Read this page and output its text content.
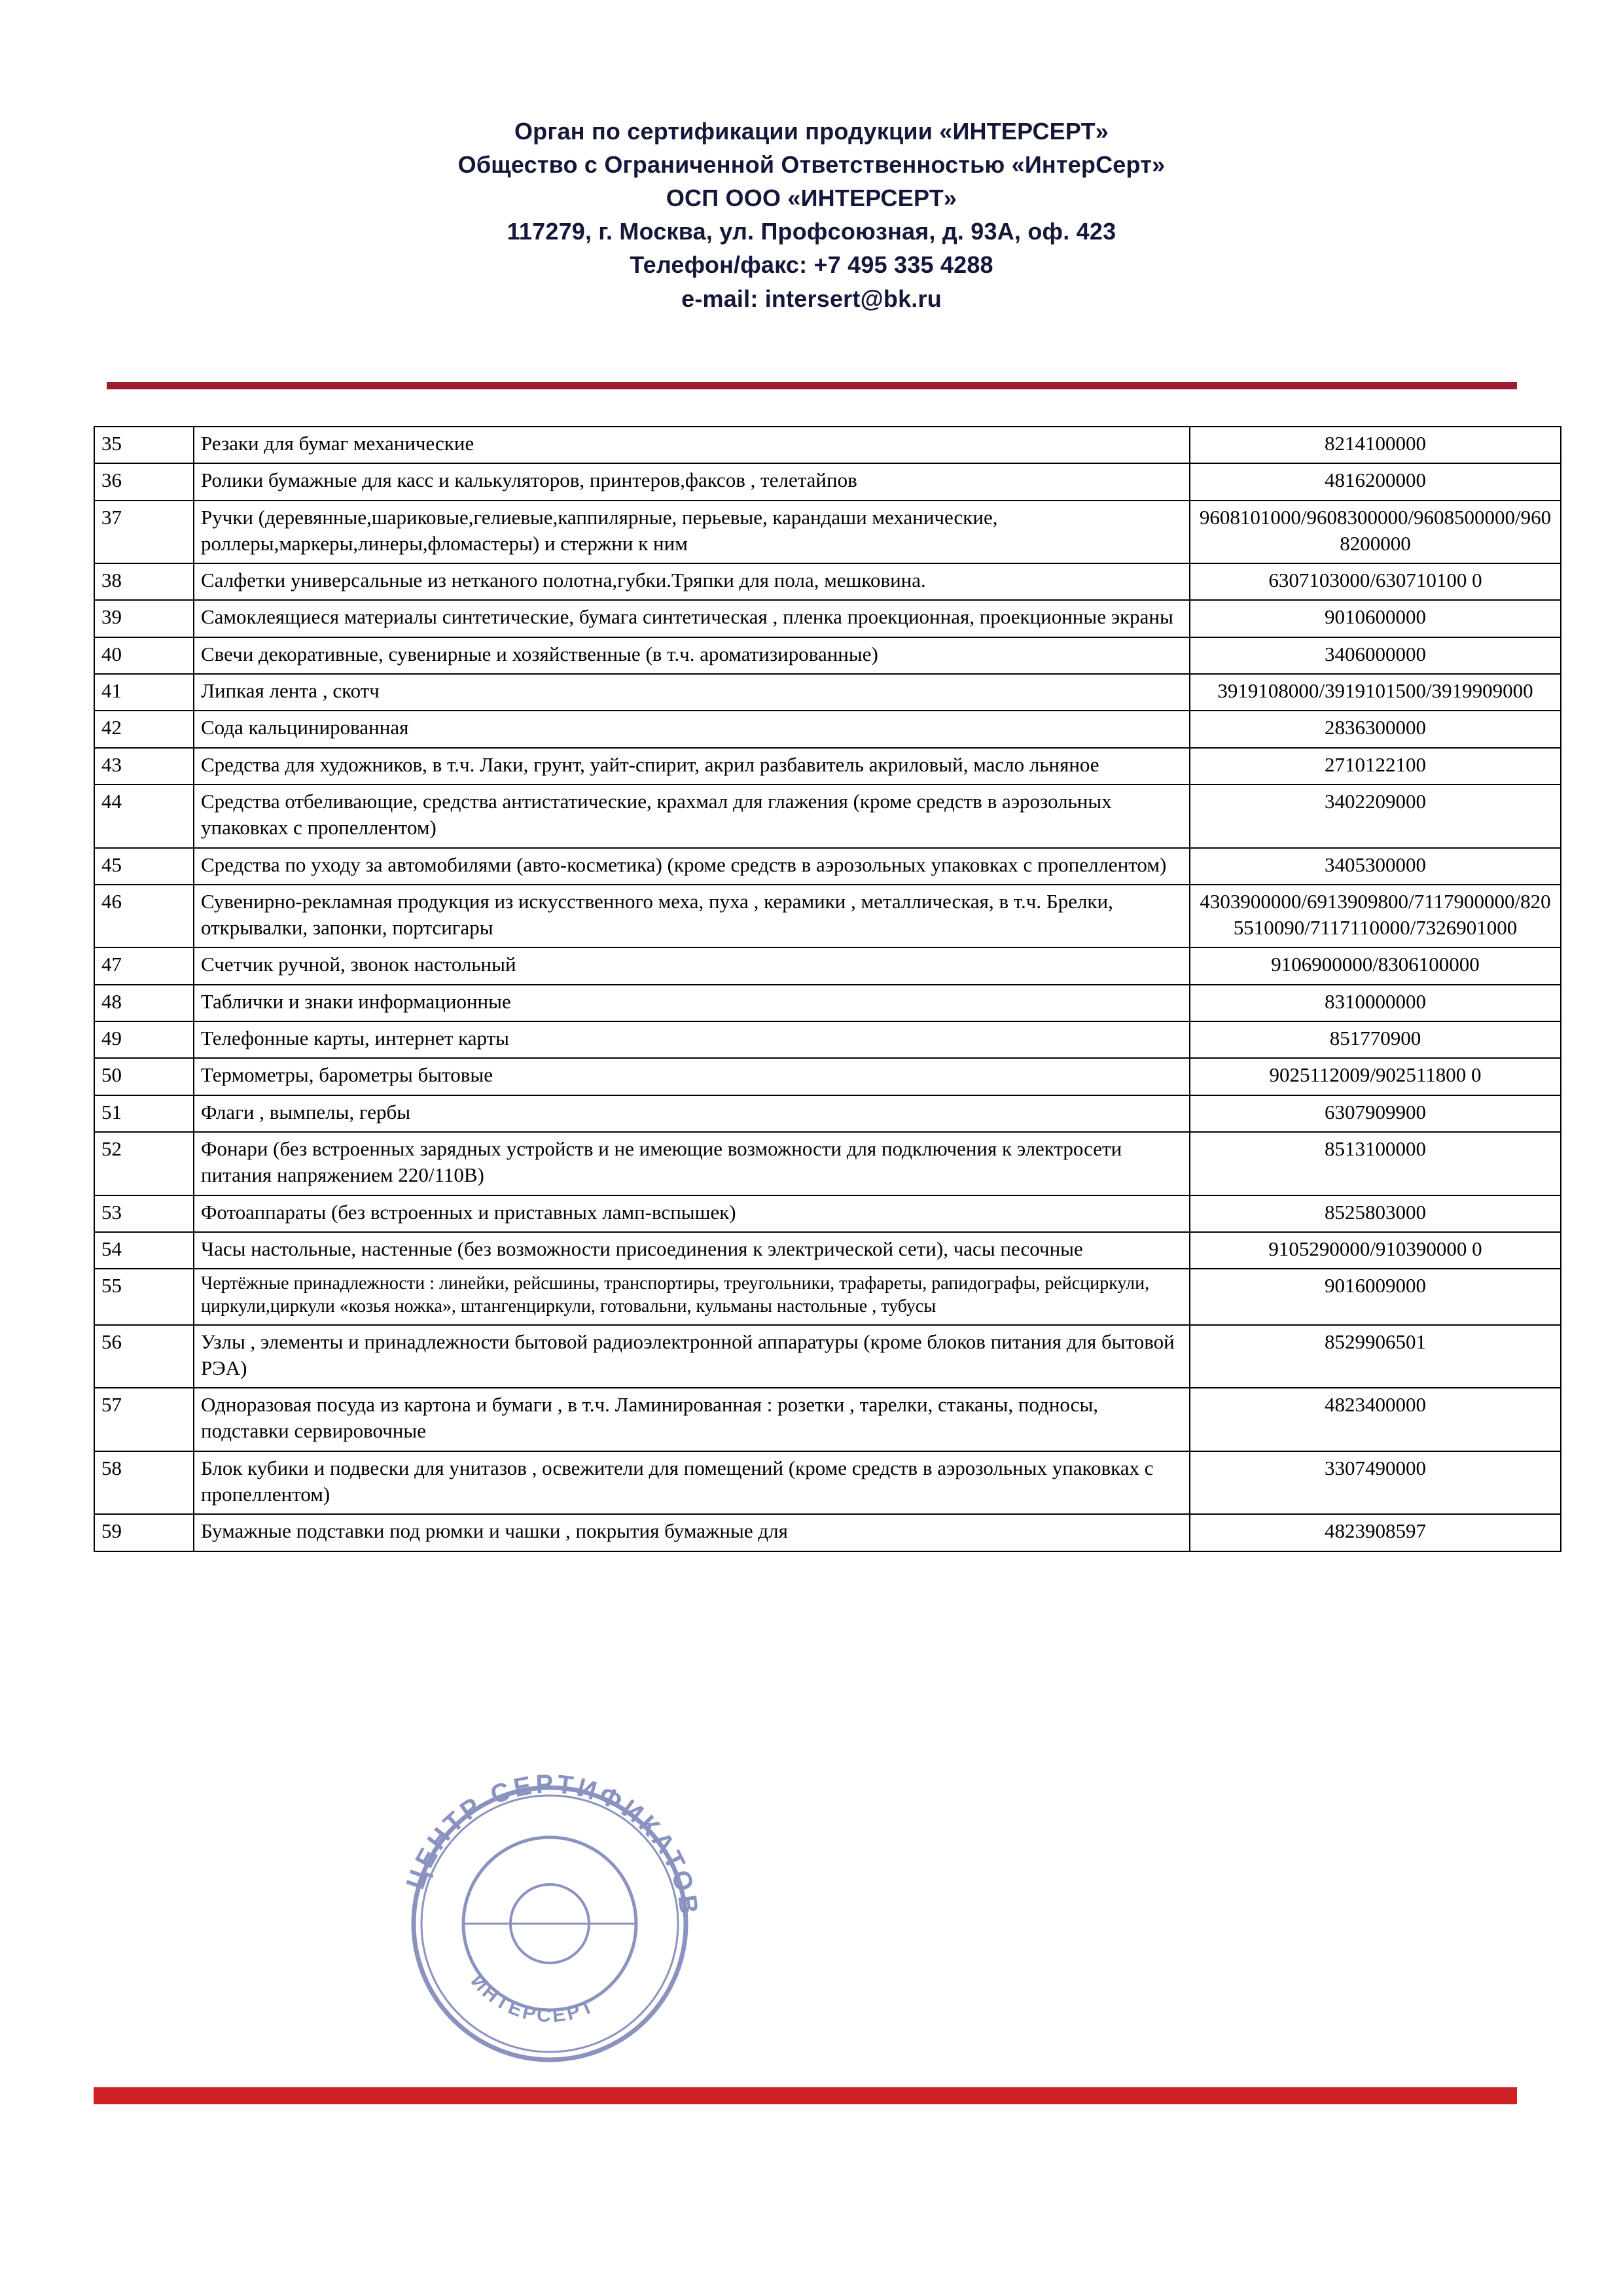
Орган по сертификации продукции «ИНТЕРСЕРТ»
Общество с Ограниченной Ответственностью «ИнтерСерт»
ОСП ООО «ИНТЕРСЕРТ»
117279, г. Москва, ул. Профсоюзная, д. 93А, оф. 423
Телефон/факс: +7 495 335 4288
e-mail: intersert@bk.ru
35	Резаки для бумаг механические	8214100000
36	Ролики бумажные для касс и калькуляторов, принтеров,факсов , телетайпов	4816200000
37	Ручки (деревянные,шариковые,гелиевые,каппилярные, перьевые, карандаши механические, роллеры,маркеры,линеры,фломастеры) и стержни к ним	9608101000/9608300000/9608500000/9608200000
38	Салфетки универсальные из нетканого полотна,губки.Тряпки для пола, мешковина.	6307103000/630710100 0
39	Самоклеящиеся материалы синтетические, бумага синтетическая , пленка проекционная, проекционные экраны	9010600000
40	Свечи декоративные, сувенирные и хозяйственные (в т.ч. ароматизированные)	3406000000
41	Липкая лента , скотч	3919108000/3919101500/3919909000
42	Сода кальцинированная	2836300000
43	Средства для художников, в т.ч. Лаки, грунт, уайт-спирит, акрил разбавитель акриловый, масло льняное	2710122100
44	Средства отбеливающие, средства антистатические, крахмал для глажения (кроме средств в аэрозольных упаковках с пропеллентом)	3402209000
45	Средства по уходу за автомобилями (авто-косметика) (кроме средств в аэрозольных упаковках с пропеллентом)	3405300000
46	Сувенирно-рекламная продукция из искусственного меха, пуха , керамики , металлическая, в т.ч. Брелки, открывалки, запонки, портсигары	4303900000/6913909800/7117900000/8205510090/7117110000/7326901000
47	Счетчик ручной, звонок настольный	9106900000/8306100000
48	Таблички и знаки информационные	8310000000
49	Телефонные карты, интернет карты	851770900
50	Термометры, барометры бытовые	9025112009/902511800 0
51	Флаги , вымпелы, гербы	6307909900
52	Фонари (без встроенных зарядных устройств и не имеющие возможности для подключения к электросети питания напряжением 220/110В)	8513100000
53	Фотоаппараты (без встроенных и приставных ламп-вспышек)	8525803000
54	Часы настольные, настенные (без возможности присоединения к электрической сети), часы песочные	9105290000/910390000 0
55	Чертёжные принадлежности : линейки, рейсшины, транспортиры, треугольники, трафареты, рапидографы, рейсциркули, циркули,циркули «козья ножка», штангенциркули, готовальни, кульманы настольные , тубусы	9016009000
56	Узлы , элементы и принадлежности бытовой радиоэлектронной аппаратуры (кроме блоков питания для бытовой РЭА)	8529906501
57	Одноразовая посуда из картона и бумаги , в т.ч. Ламинированная : розетки , тарелки, стаканы, подносы, подставки сервировочные	4823400000
58	Блок кубики и подвески для унитазов , освежители для помещений (кроме средств в аэрозольных упаковках с пропеллентом)	3307490000
59	Бумажные подставки под рюмки и чашки , покрытия бумажные для	4823908597
ЦЕНТР СЕРТИФИКАТОВ
ИНТЕРСЕРТ
